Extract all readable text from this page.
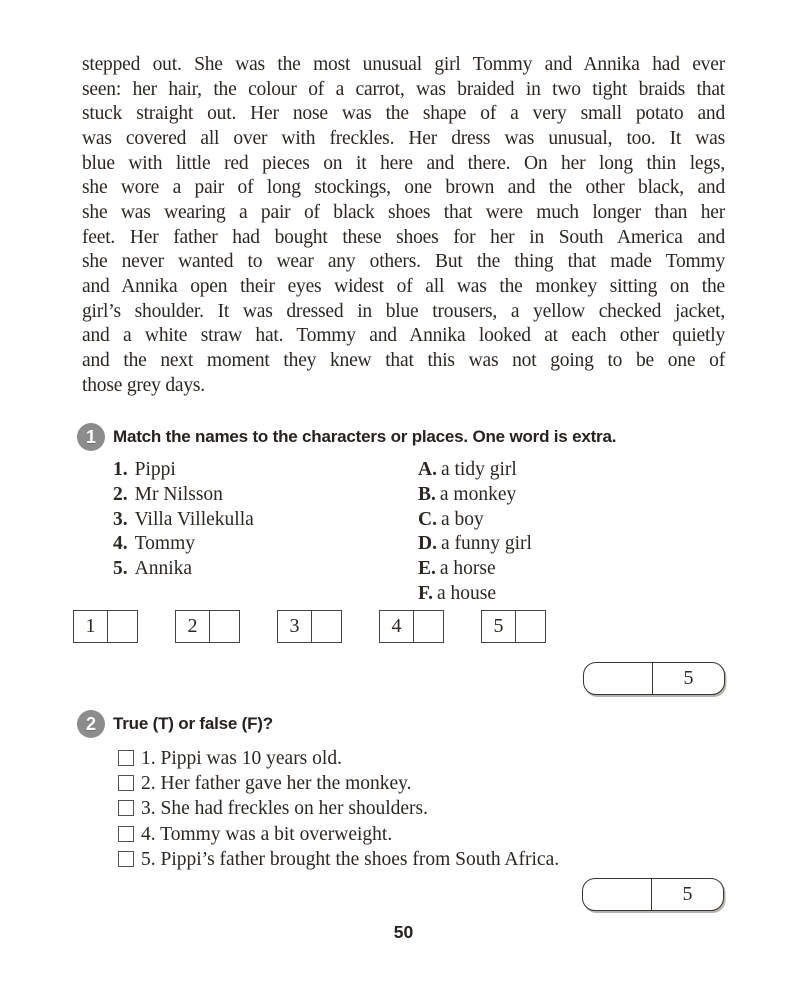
stepped out. She was the most unusual girl Tommy and Annika had ever
seen: her hair, the colour of a carrot, was braided in two tight braids that
stuck straight out. Her nose was the shape of a very small potato and
was covered all over with freckles. Her dress was unusual, too. It was
blue with little red pieces on it here and there. On her long thin legs,
she wore a pair of long stockings, one brown and the other black, and
she was wearing a pair of black shoes that were much longer than her
feet. Her father had bought these shoes for her in South America and
she never wanted to wear any others. But the thing that made Tommy
and Annika open their eyes widest of all was the monkey sitting on the
girl’s shoulder. It was dressed in blue trousers, a yellow checked jacket,
and a white straw hat. Tommy and Annika looked at each other quietly
and the next moment they knew that this was not going to be one of
those grey days.
1	Match the names to the characters or places. One word is extra.
1. Pippi
2. Mr Nilsson
3. Villa Villekulla
4. Tommy
5. Annika
A. a tidy girl
B. a monkey
C. a boy
D. a funny girl
E. a horse
F. a house
1	2	3	4	5
5
2	True (T) or false (F)?
1. Pippi was 10 years old.
2. Her father gave her the monkey.
3. She had freckles on her shoulders.
4. Tommy was a bit overweight.
5. Pippi’s father brought the shoes from South Africa.
5
50
